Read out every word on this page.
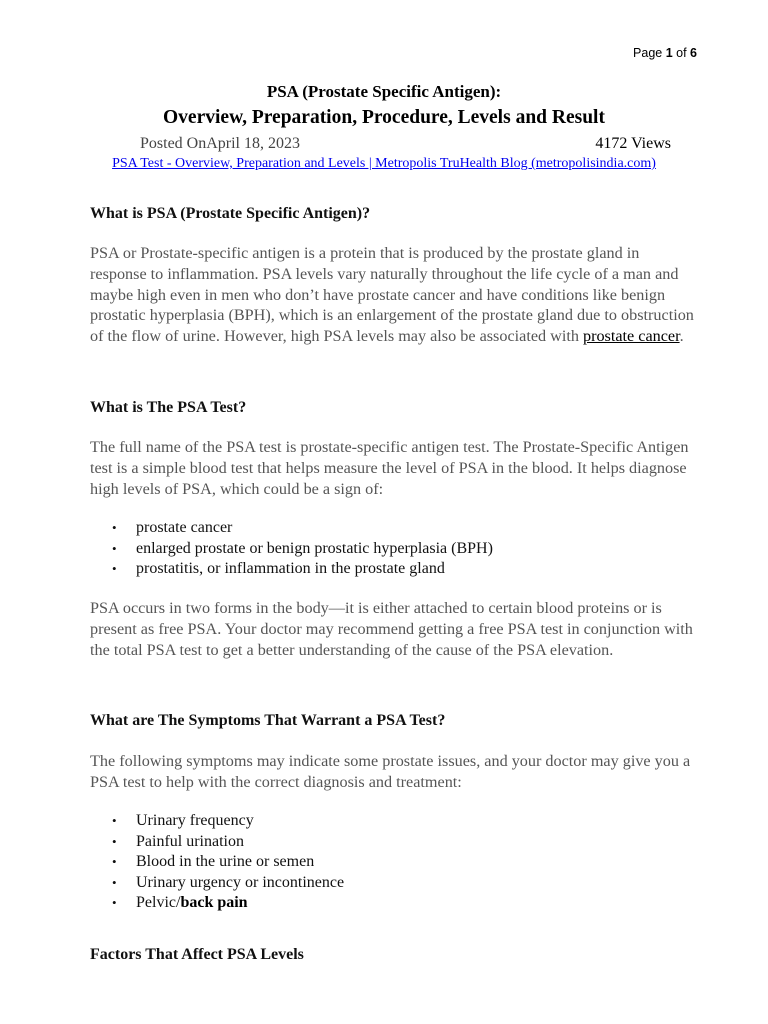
Page 1 of 6
PSA (Prostate Specific Antigen):
Overview, Preparation, Procedure, Levels and Result
Posted OnApril 18, 2023	4172 Views
PSA Test - Overview, Preparation and Levels | Metropolis TruHealth Blog (metropolisindia.com)
What is PSA (Prostate Specific Antigen)?

PSA or Prostate-specific antigen is a protein that is produced by the prostate gland in response to inflammation. PSA levels vary naturally throughout the life cycle of a man and maybe high even in men who don’t have prostate cancer and have conditions like benign prostatic hyperplasia (BPH), which is an enlargement of the prostate gland due to obstruction of the flow of urine. However, high PSA levels may also be associated with prostate cancer.

What is The PSA Test?

The full name of the PSA test is prostate-specific antigen test. The Prostate-Specific Antigen test is a simple blood test that helps measure the level of PSA in the blood. It helps diagnose high levels of PSA, which could be a sign of:

• prostate cancer
• enlarged prostate or benign prostatic hyperplasia (BPH)
• prostatitis, or inflammation in the prostate gland

PSA occurs in two forms in the body—it is either attached to certain blood proteins or is present as free PSA. Your doctor may recommend getting a free PSA test in conjunction with the total PSA test to get a better understanding of the cause of the PSA elevation.

What are The Symptoms That Warrant a PSA Test?

The following symptoms may indicate some prostate issues, and your doctor may give you a PSA test to help with the correct diagnosis and treatment:

• Urinary frequency
• Painful urination
• Blood in the urine or semen
• Urinary urgency or incontinence
• Pelvic/back pain
Factors That Affect PSA Levels
